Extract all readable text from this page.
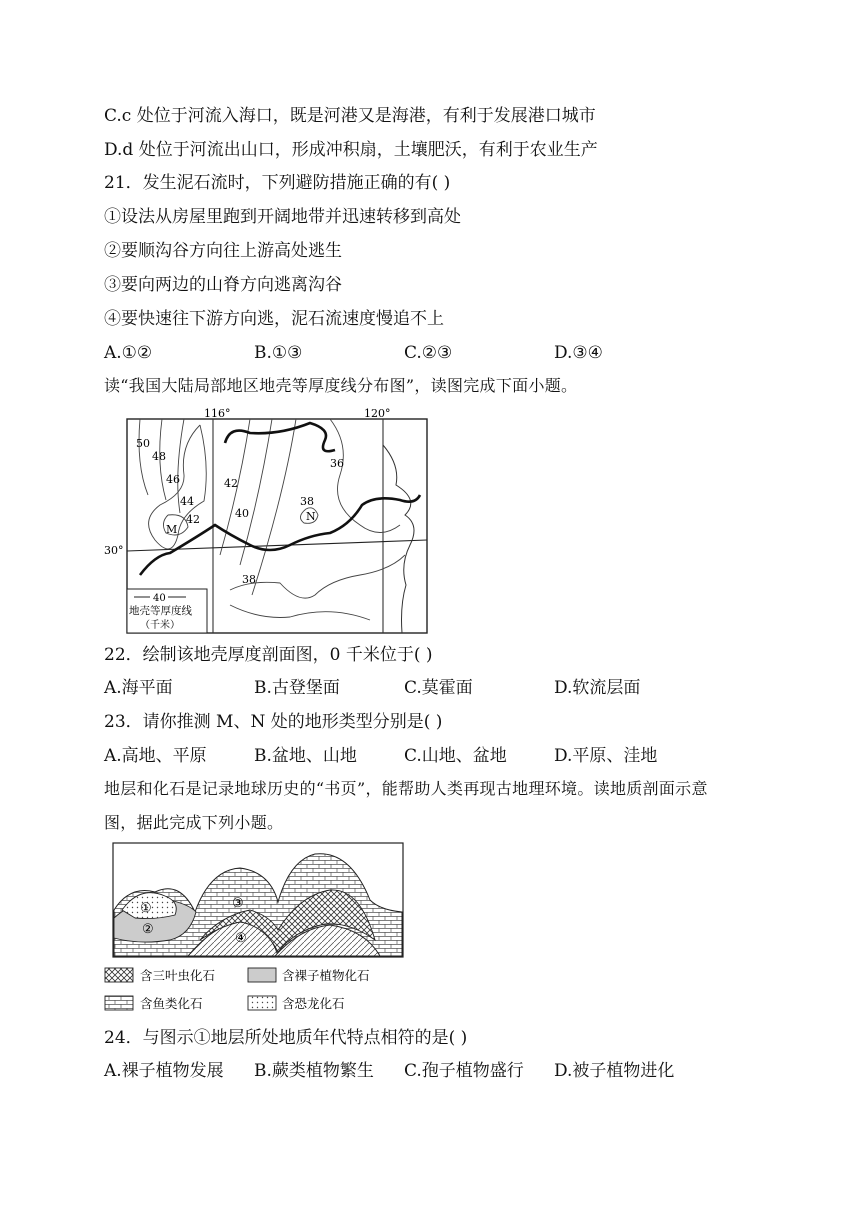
C.c 处位于河流入海口，既是河港又是海港，有利于发展港口城市
D.d 处位于河流出山口，形成冲积扇，土壤肥沃，有利于农业生产
21．发生泥石流时，下列避防措施正确的有( )
①设法从房屋里跑到开阔地带并迅速转移到高处
②要顺沟谷方向往上游高处逃生
③要向两边的山脊方向逃离沟谷
④要快速往下游方向逃，泥石流速度慢追不上
A.①②	B.①③	C.②③	D.③④
读“我国大陆局部地区地壳等厚度线分布图”，读图完成下面小题。
116°	120°
30°
50
48
46
44
42
42
40
36
38
38
M
N
40
地壳等厚度线
（千米）
22．绘制该地壳厚度剖面图，0 千米位于( )
A.海平面	B.古登堡面	C.莫霍面	D.软流层面
23．请你推测 M、N 处的地形类型分别是( )
A.高地、平原	B.盆地、山地	C.山地、盆地	D.平原、洼地
地层和化石是记录地球历史的“书页”，能帮助人类再现古地理环境。读地质剖面示意
图，据此完成下列小题。
①
②
③
④
含三叶虫化石	含裸子植物化石
含鱼类化石	含恐龙化石
24．与图示①地层所处地质年代特点相符的是( )
A.裸子植物发展 B.蕨类植物繁生 C.孢子植物盛行 D.被子植物进化
